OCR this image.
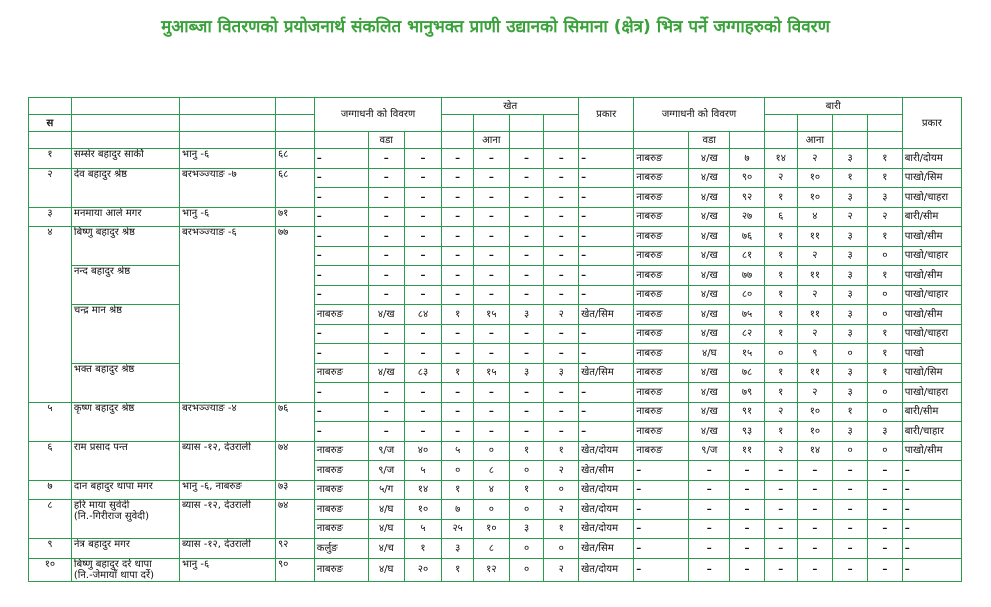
मुआब्जा वितरणको प्रयोजनार्थ संकलित भानुभक्त प्राणी उद्यानको सिमाना (क्षेत्र) भित्र पर्ने जग्गाहरुको विवरण
				जग्गाधनी को विवरण			खेत				प्रकार	जग्गाधनी को विवरण			बारी				प्रकार
स																			
					वडा			आना					वडा			आना			
१	सम्सेर बहादुर सार्की	भानु -६	६८	–	–	–	–	–	–	–	–	नाबरुङ	४/ख	७	१४	२	३	१	बारी/दोयम
२	देव बहादुर श्रेष्ठ	बरभञ्ज्याङ -७	६८	–	–	–	–	–	–	–	–	नाबरुङ	४/ख	९०	२	१०	१	१	पाखो/सिम
				–	–	–	–	–	–	–	–	नाबरुङ	४/ख	९२	१	१०	३	३	पाखो/चाहरा
३	मनमाया आले मगर	भानु -६	७१	–	–	–	–	–	–	–	–	नाबरुङ	४/ख	२७	६	४	२	२	बारी/सीम
४	बिष्णु बहादुर श्रेष्ठ	बरभञ्ज्याङ -६	७७	–	–	–	–	–	–	–	–	नाबरुङ	४/ख	७६	१	११	३	१	पाखो/सीम
				–	–	–	–	–	–	–	–	नाबरुङ	४/ख	८१	१	२	३	०	पाखो/चाहार

	नन्द बहादुर श्रेष्ठ			–	–	–	–	–	–	–	–	नाबरुङ	४/ख	७७	१	११	३	१	पाखो/सीम
				–	–	–	–	–	–	–	–	नाबरुङ	४/ख	८०	१	२	३	०	पाखो/चाहार

	चन्द्र मान श्रेष्ठ			नाबरुङ	४/ख	८४	१	१५	३	२	खेत/सिम	नाबरुङ	४/ख	७५	१	११	३	०	पाखो/सीम
				–	–	–	–	–	–	–	–	नाबरुङ	४/ख	८२	१	२	३	१	पाखो/चाहरा
				–	–	–	–	–	–	–	–	नाबरुङ	४/घ	१५	०	९	०	१	पाखो

	भक्त बहादुर श्रेष्ठ			नाबरुङ	४/ख	८३	१	१५	३	३	खेत/सिम	नाबरुङ	४/ख	७८	१	११	३	१	पाखो/सिम
				–	–	–	–	–	–	–	–	नाबरुङ	४/ख	७९	१	२	३	०	पाखो/चाहरा
५	कृष्ण बहादुर श्रेष्ठ	बरभञ्ज्याङ -४	७६	–	–	–	–	–	–	–	–	नाबरुङ	४/ख	९१	२	१०	१	०	बारी/सीम
				–	–	–	–	–	–	–	–	नाबरुङ	४/ख	९३	१	१०	३	३	बारी/चाहार
६	राम प्रसाद पन्त	ब्यास -१२, देउराली	७४	नाबरुङ	९/ज	४०	५	०	१	१	खेत/दोयम	नाबरुङ	९/ज	११	२	१४	०	०	पाखो/सीम
				नाबरुङ	९/ज	५	०	८	०	२	खेत/सीम	–	–	–	–	–	–	–	–
७	दान बहादुर थापा मगर	भानु -६, नाबरुङ	७३	नाबरुङ	५/ग	१४	१	४	१	०	खेत/दोयम	–	–	–	–	–	–	–	–
८	हरि माया सुवेदी
(नि.-गिरीराज सुवेदी)	ब्यास -१२, देउराली	७४	नाबरुङ	४/घ	१०	७	०	०	२	खेत/दोयम	–	–	–	–	–	–	–	–
				नाबरुङ	४/घ	५	२५	१०	३	१	खेत/दोयम	–	–	–	–	–	–	–	–
९	नेत्र बहादुर मगर	ब्यास -१२, देउराली	९२	कर्लुङ	४/च	१	३	८	०	०	खेत/सिम	–	–	–	–	–	–	–	–
१०	बिष्णु बहादुर दर्रे थापा
(नि.-जेमायाँ थापा दर्रे)	भानु -६	९०	नाबरुङ	४/घ	२०	१	१२	०	२	खेत/दोयम	–	–	–	–	–	–	–	–
